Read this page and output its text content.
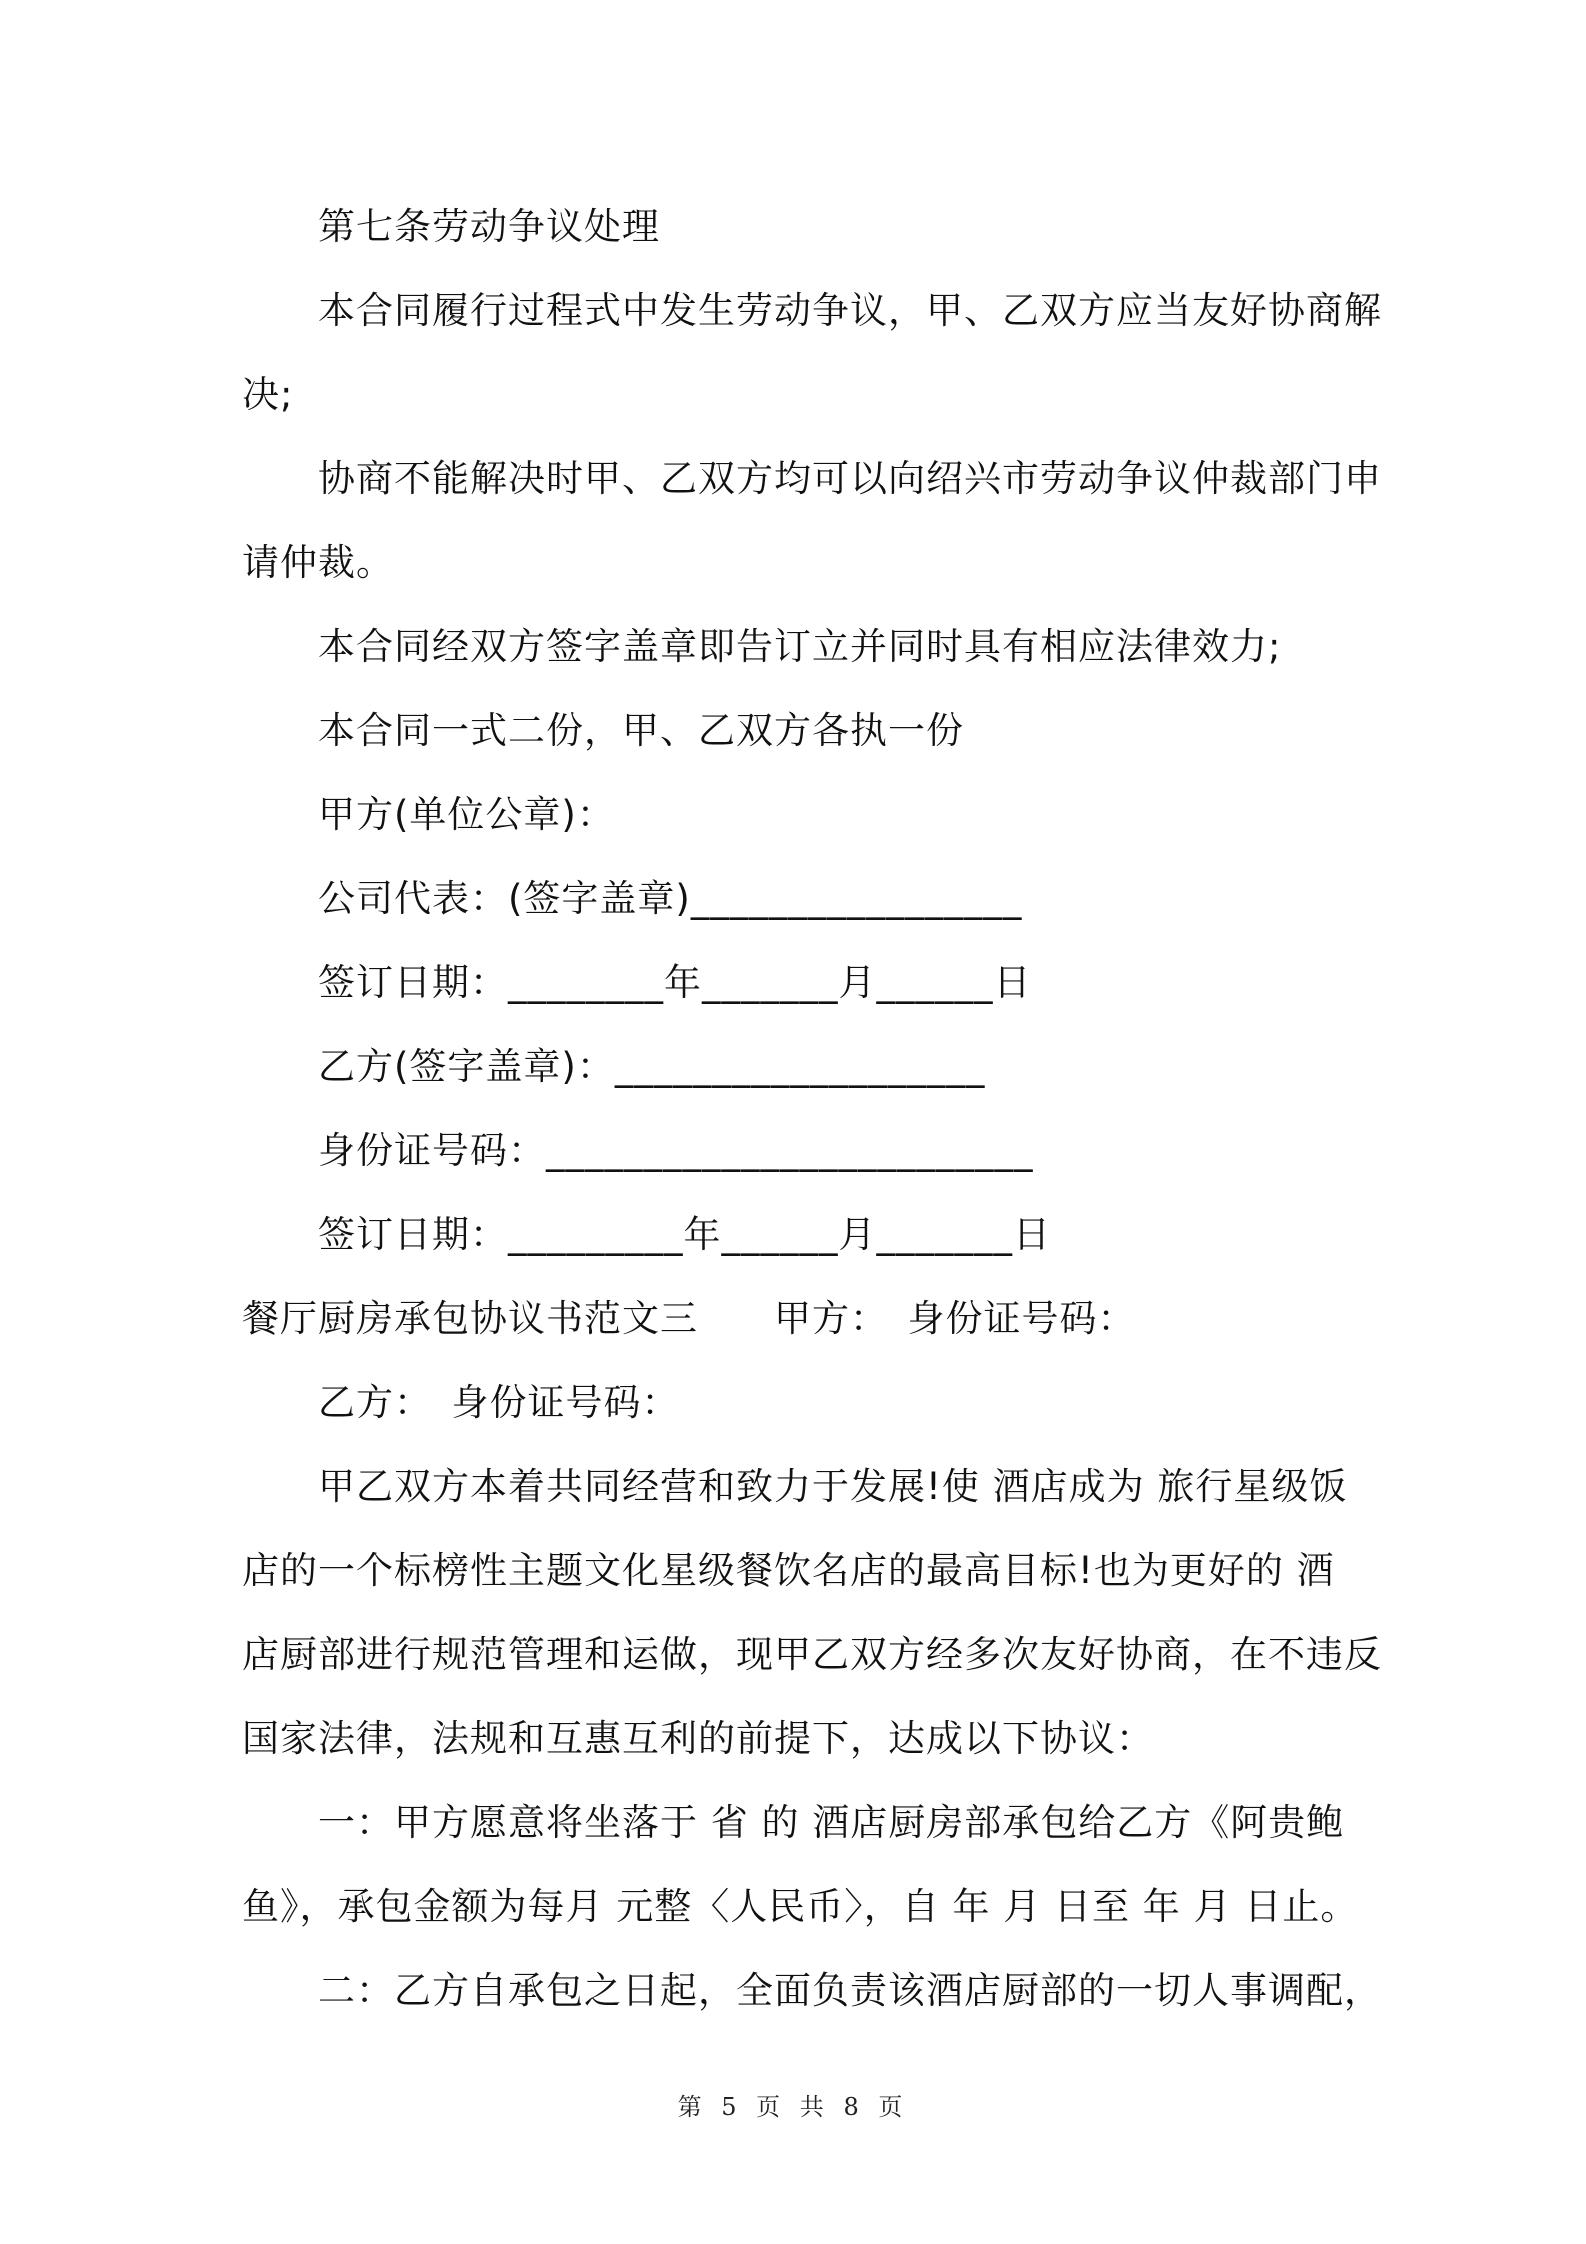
第七条劳动争议处理
本合同履行过程式中发生劳动争议，甲、乙双方应当友好协商解
决;
协商不能解决时甲、乙双方均可以向绍兴市劳动争议仲裁部门申
请仲裁。
本合同经双方签字盖章即告订立并同时具有相应法律效力;
本合同一式二份，甲、乙双方各执一份
甲方(单位公章)：
公司代表：(签字盖章)_________________
签订日期：________年_______月______日
乙方(签字盖章)：___________________
身份证号码：_________________________
签订日期：_________年______月_______日
餐厅厨房承包协议书范文三　　甲方：　身份证号码：
乙方：　身份证号码：
甲乙双方本着共同经营和致力于发展!使 酒店成为 旅行星级饭
店的一个标榜性主题文化星级餐饮名店的最高目标!也为更好的 酒
店厨部进行规范管理和运做，现甲乙双方经多次友好协商，在不违反
国家法律，法规和互惠互利的前提下，达成以下协议：
一：甲方愿意将坐落于 省 的 酒店厨房部承包给乙方《阿贵鲍
鱼》，承包金额为每月 元整〈人民币〉，自 年 月 日至 年 月 日止。
二：乙方自承包之日起，全面负责该酒店厨部的一切人事调配，
第 5 页 共 8 页
